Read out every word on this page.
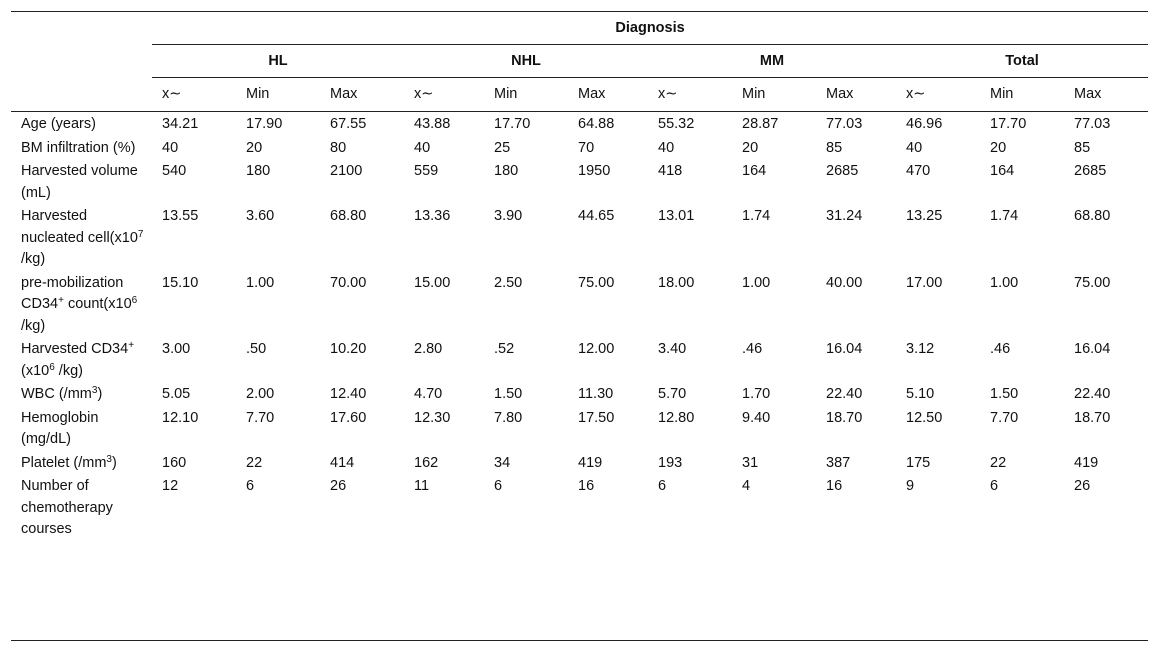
	Diagnosis											
	HL			NHL			MM			Total		
	x∼	Min	Max	x∼	Min	Max	x∼	Min	Max	x∼	Min	Max
Age (years)	34.21	17.90	67.55	43.88	17.70	64.88	55.32	28.87	77.03	46.96	17.70	77.03
BM infiltration (%)	40	20	80	40	25	70	40	20	85	40	20	85
Harvested volume (mL)	540	180	2100	559	180	1950	418	164	2685	470	164	2685
Harvested nucleated $cell(x10^7$ /kg)	13.55	3.60	68.80	13.36	3.90	44.65	13.01	1.74	31.24	13.25	1.74	68.80
pre-mobilization CD34+ $count(x10^6$ /kg)	15.10	1.00	70.00	15.00	2.50	75.00	18.00	1.00	40.00	17.00	1.00	75.00
Harvested CD34+ ($x10^6$ /kg)	3.00	.50	10.20	2.80	.52	12.00	3.40	.46	16.04	3.12	.46	16.04
WBC $(/mm^3)$	5.05	2.00	12.40	4.70	1.50	11.30	5.70	1.70	22.40	5.10	1.50	22.40
Hemoglobin (mg/dL)	12.10	7.70	17.60	12.30	7.80	17.50	12.80	9.40	18.70	12.50	7.70	18.70
Platelet $(/mm^3)$	160	22	414	162	34	419	193	31	387	175	22	419
Number of chemotherapy courses	12	6	26	11	6	16	6	4	16	9	6	26
